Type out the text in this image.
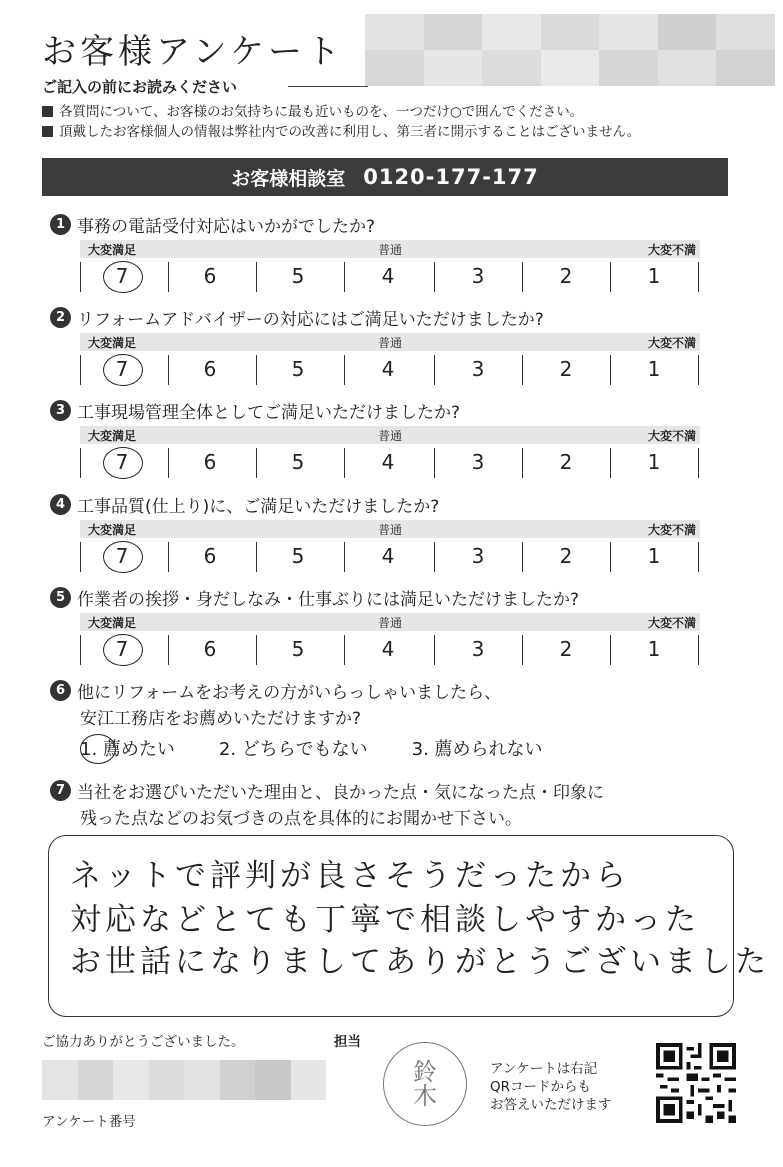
お客様アンケート
ご記入の前にお読みください
各質問について、お客様のお気持ちに最も近いものを、一つだけ○で囲んでください。
頂戴したお客様個人の情報は弊社内での改善に利用し、第三者に開示することはございません。
お客様相談室 0120-177-177
1 事務の電話受付対応はいかがでしたか?
大変満足	普通	大変不満
7	6	5	4	3	2	1
2 リフォームアドバイザーの対応にはご満足いただけましたか?
大変満足	普通	大変不満
7	6	5	4	3	2	1
3 工事現場管理全体としてご満足いただけましたか?
大変満足	普通	大変不満
7	6	5	4	3	2	1
4 工事品質(仕上り)に、ご満足いただけましたか?
大変満足	普通	大変不満
7	6	5	4	3	2	1
5 作業者の挨拶・身だしなみ・仕事ぶりには満足いただけましたか?
大変満足	普通	大変不満
7	6	5	4	3	2	1
6 他にリフォームをお考えの方がいらっしゃいましたら、
安江工務店をお薦めいただけますか?
1. 薦めたい 2. どちらでもない 3. 薦められない
7 当社をお選びいただいた理由と、良かった点・気になった点・印象に
残った点などのお気づきの点を具体的にお聞かせ下さい。
ネットで評判が良さそうだったから
対応などとても丁寧で相談しやすかった
お世話になりましてありがとうございました
ご協力ありがとうございました。	担当
アンケート番号
鈴
木
アンケートは右記
QRコードからも
お答えいただけます
